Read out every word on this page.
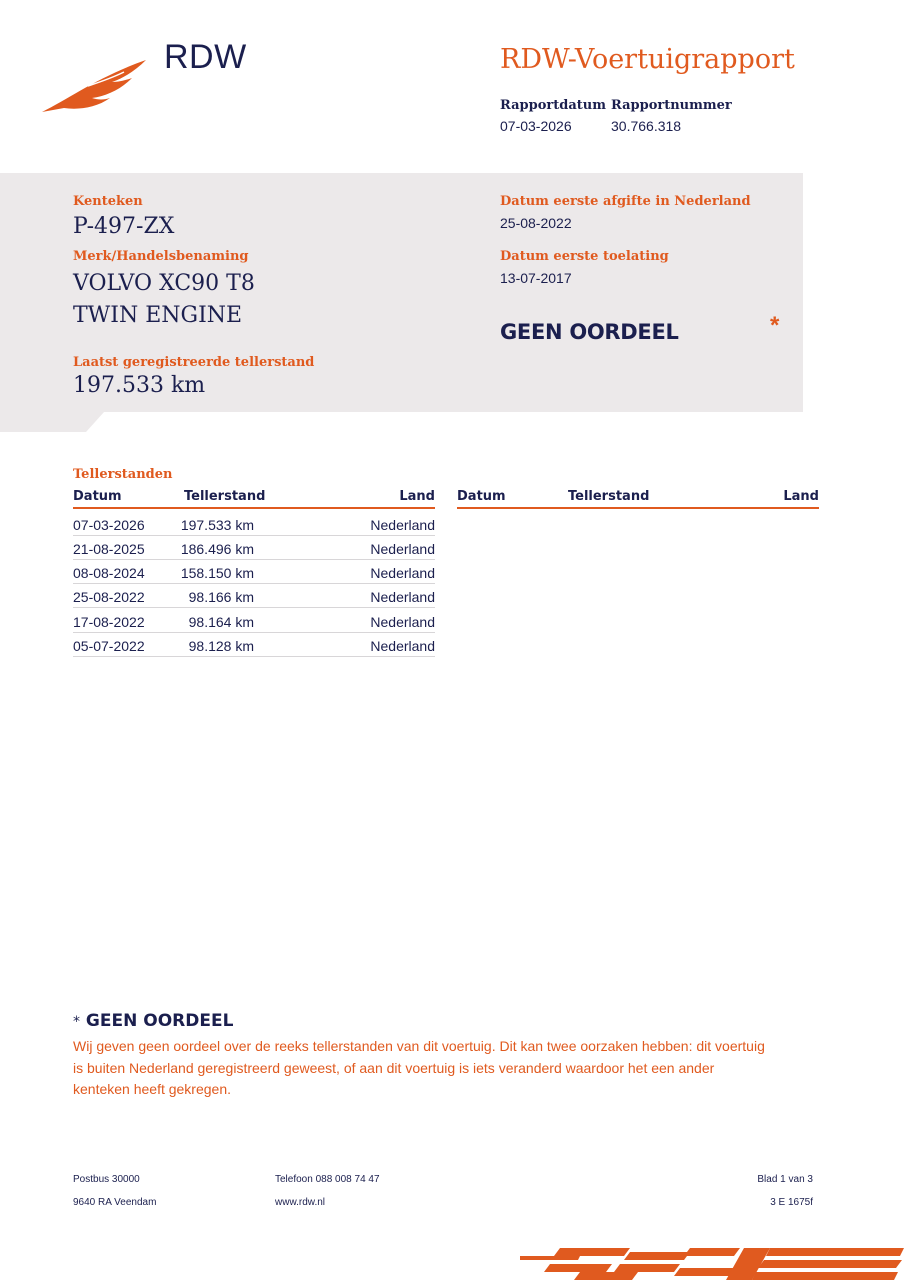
RDW	RDW-Voertuigrapport
Rapportdatum
07-03-2026
Rapportnummer
30.766.318
Kenteken
P-497-ZX
Merk/Handelsbenaming
VOLVO XC90 T8
TWIN ENGINE
Laatst geregistreerde tellerstand
197.533 km
Datum eerste afgifte in Nederland
25-08-2022
Datum eerste toelating
13-07-2017
GEEN OORDEEL	*
Tellerstanden
Datum	Tellerstand	Land Datum	Tellerstand	Land
07-03-2026	197.533 km	Nederland
21-08-2025	186.496 km	Nederland
08-08-2024	158.150 km	Nederland
25-08-2022	98.166 km	Nederland
17-08-2022	98.164 km	Nederland
05-07-2022	98.128 km	Nederland
* GEEN OORDEEL
Wij geven geen oordeel over de reeks tellerstanden van dit voertuig. Dit kan twee oorzaken hebben: dit voertuig is buiten Nederland geregistreerd geweest, of aan dit voertuig is iets veranderd waardoor het een ander kenteken heeft gekregen.
Postbus 30000
9640 RA Veendam
Telefoon 088 008 74 47
www.rdw.nl
Blad 1 van 3
3 E 1675f
